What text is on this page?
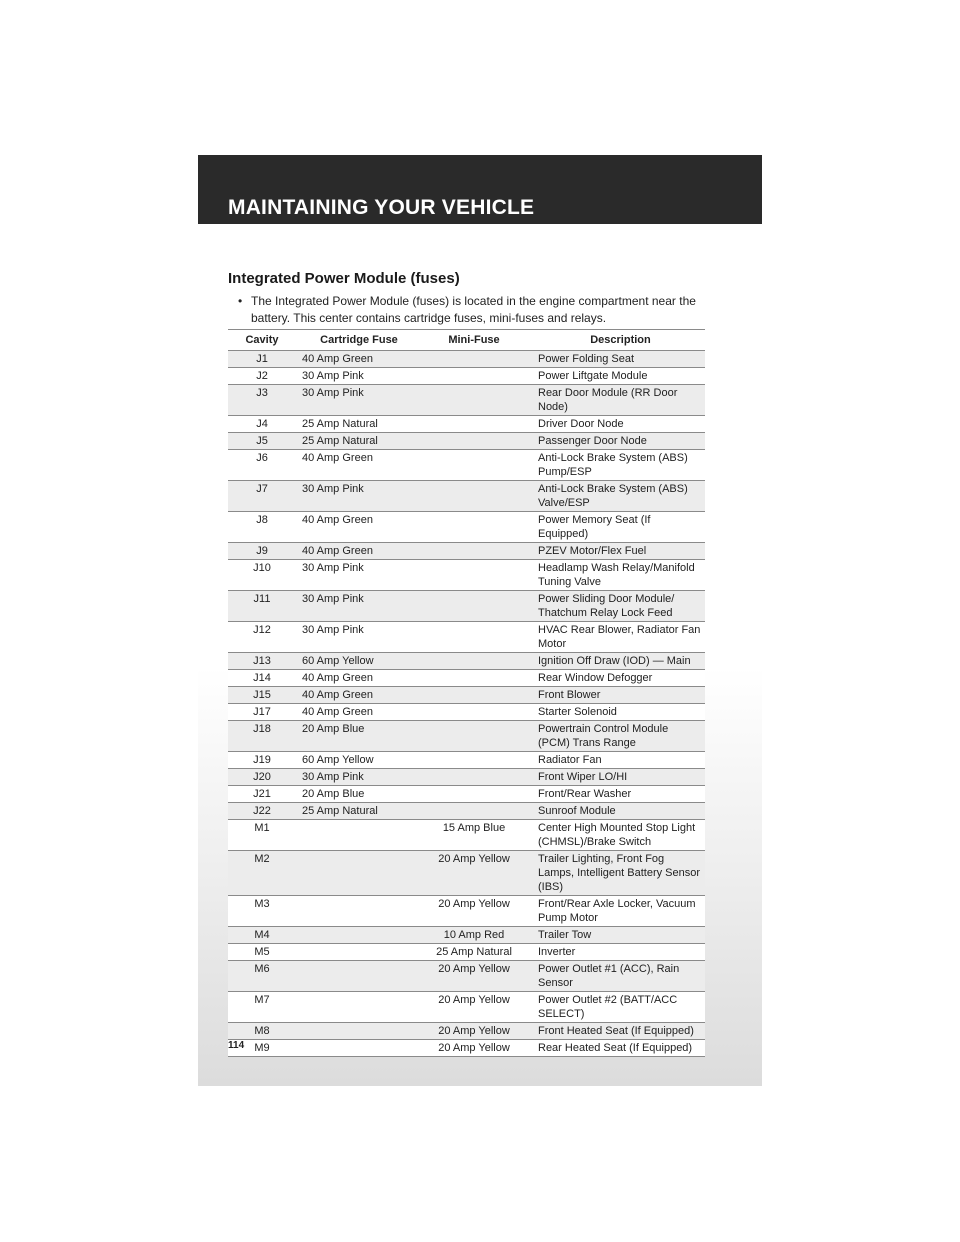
MAINTAINING YOUR VEHICLE
Integrated Power Module (fuses)
• The Integrated Power Module (fuses) is located in the engine compartment near the battery. This center contains cartridge fuses, mini-fuses and relays.
Cavity	Cartridge Fuse	Mini-Fuse	Description
J1	40 Amp Green		Power Folding Seat
J2	30 Amp Pink		Power Liftgate Module
J3	30 Amp Pink		Rear Door Module (RR Door Node)
J4	25 Amp Natural		Driver Door Node
J5	25 Amp Natural		Passenger Door Node
J6	40 Amp Green		Anti-Lock Brake System (ABS) Pump/ESP
J7	30 Amp Pink		Anti-Lock Brake System (ABS) Valve/ESP
J8	40 Amp Green		Power Memory Seat (If Equipped)
J9	40 Amp Green		PZEV Motor/Flex Fuel
J10	30 Amp Pink		Headlamp Wash Relay/Manifold Tuning Valve
J11	30 Amp Pink		Power Sliding Door Module/ Thatchum Relay Lock Feed
J12	30 Amp Pink		HVAC Rear Blower, Radiator Fan Motor
J13	60 Amp Yellow		Ignition Off Draw (IOD) — Main
J14	40 Amp Green		Rear Window Defogger
J15	40 Amp Green		Front Blower
J17	40 Amp Green		Starter Solenoid
J18	20 Amp Blue		Powertrain Control Module (PCM) Trans Range
J19	60 Amp Yellow		Radiator Fan
J20	30 Amp Pink		Front Wiper LO/HI
J21	20 Amp Blue		Front/Rear Washer
J22	25 Amp Natural		Sunroof Module
M1		15 Amp Blue	Center High Mounted Stop Light (CHMSL)/Brake Switch
M2		20 Amp Yellow	Trailer Lighting, Front Fog Lamps, Intelligent Battery Sensor (IBS)
M3		20 Amp Yellow	Front/Rear Axle Locker, Vacuum Pump Motor
M4		10 Amp Red	Trailer Tow
M5		25 Amp Natural	Inverter
M6		20 Amp Yellow	Power Outlet #1 (ACC), Rain Sensor
M7		20 Amp Yellow	Power Outlet #2 (BATT/ACC SELECT)
M8		20 Amp Yellow	Front Heated Seat (If Equipped)
M9		20 Amp Yellow	Rear Heated Seat (If Equipped)
114
